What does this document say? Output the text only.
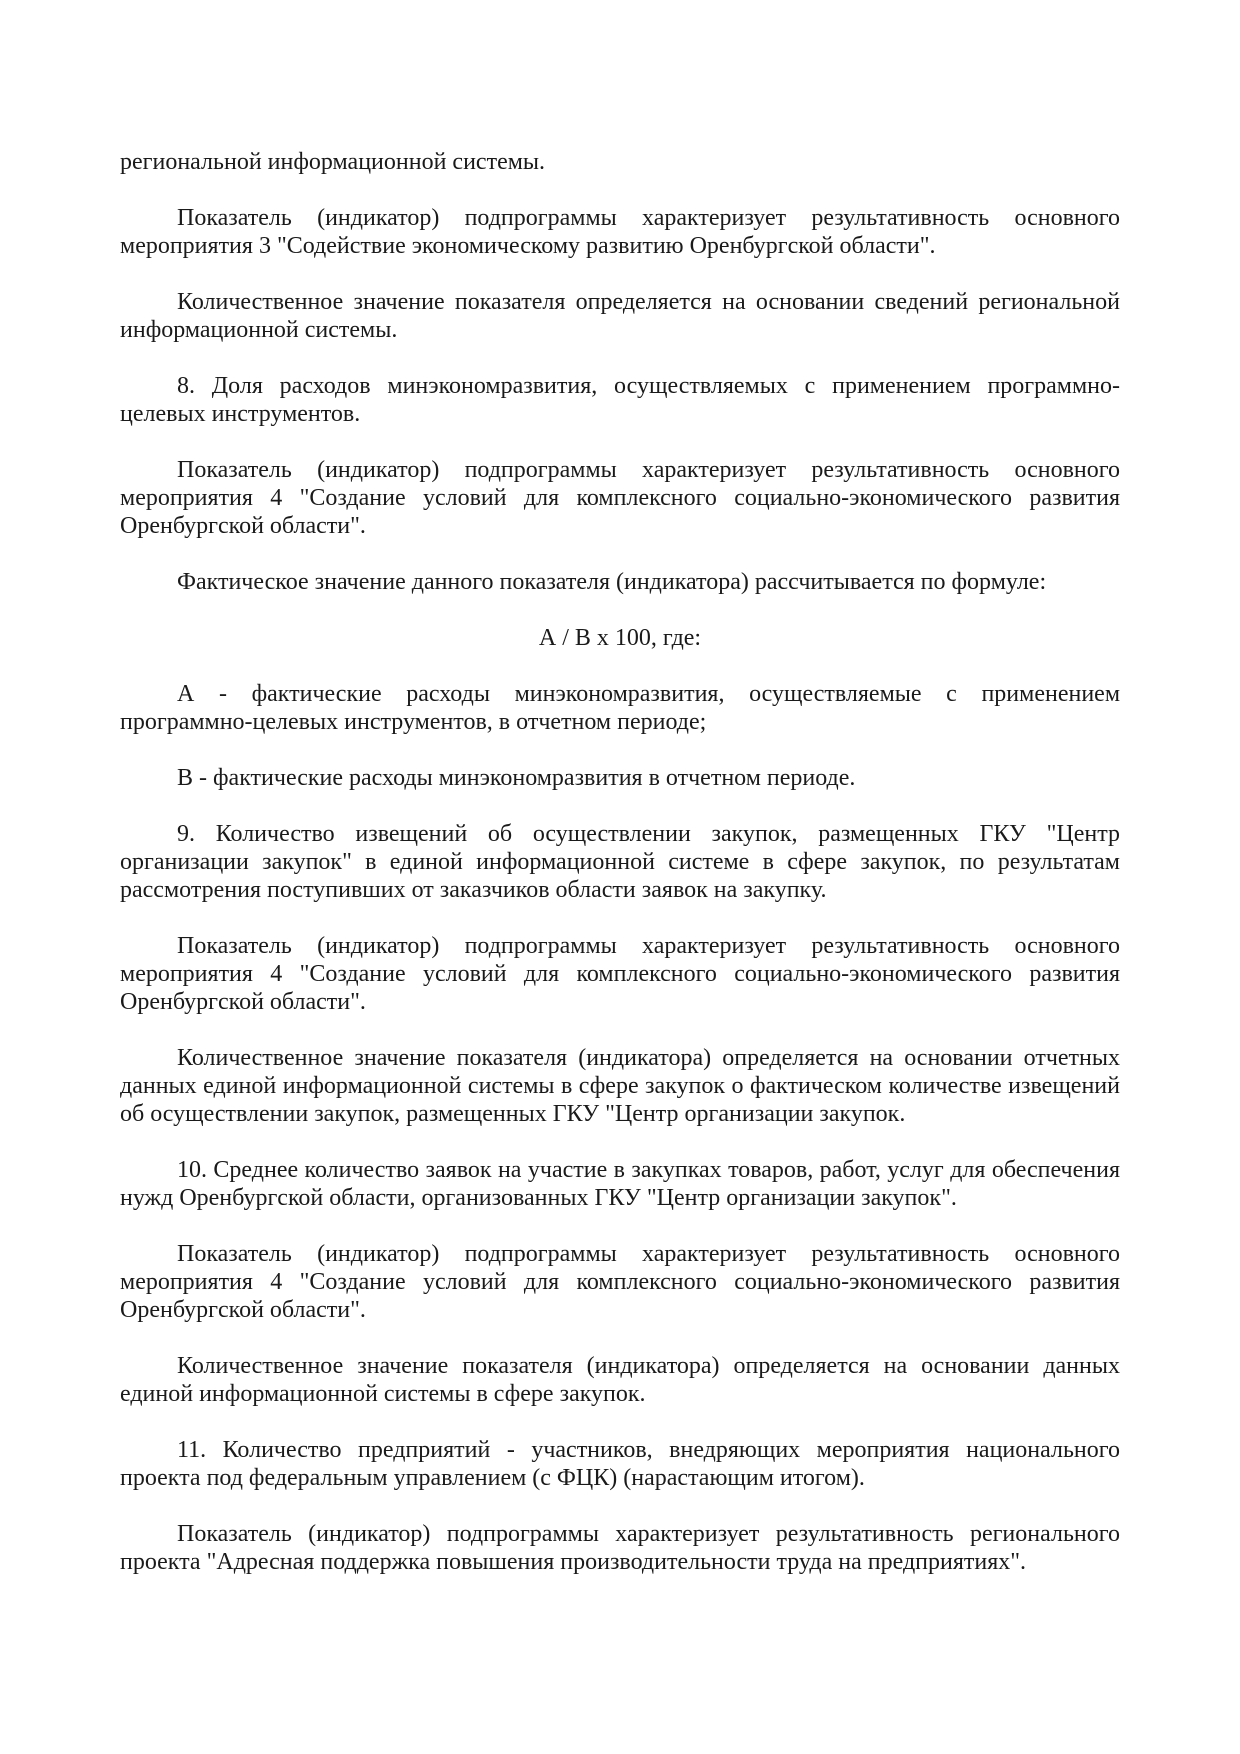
региональной информационной системы.

Показатель (индикатор) подпрограммы характеризует результативность основного мероприятия 3 "Содействие экономическому развитию Оренбургской области".

Количественное значение показателя определяется на основании сведений региональной информационной системы.

8. Доля расходов минэкономразвития, осуществляемых с применением программно-целевых инструментов.

Показатель (индикатор) подпрограммы характеризует результативность основного мероприятия 4 "Создание условий для комплексного социально-экономического развития Оренбургской области".

Фактическое значение данного показателя (индикатора) рассчитывается по формуле:

А / В х 100, где:

А - фактические расходы минэкономразвития, осуществляемые с применением программно-целевых инструментов, в отчетном периоде;

В - фактические расходы минэкономразвития в отчетном периоде.

9. Количество извещений об осуществлении закупок, размещенных ГКУ "Центр организации закупок" в единой информационной системе в сфере закупок, по результатам рассмотрения поступивших от заказчиков области заявок на закупку.

Показатель (индикатор) подпрограммы характеризует результативность основного мероприятия 4 "Создание условий для комплексного социально-экономического развития Оренбургской области".

Количественное значение показателя (индикатора) определяется на основании отчетных данных единой информационной системы в сфере закупок о фактическом количестве извещений об осуществлении закупок, размещенных ГКУ "Центр организации закупок.

10. Среднее количество заявок на участие в закупках товаров, работ, услуг для обеспечения нужд Оренбургской области, организованных ГКУ "Центр организации закупок".

Показатель (индикатор) подпрограммы характеризует результативность основного мероприятия 4 "Создание условий для комплексного социально-экономического развития Оренбургской области".

Количественное значение показателя (индикатора) определяется на основании данных единой информационной системы в сфере закупок.

11. Количество предприятий - участников, внедряющих мероприятия национального проекта под федеральным управлением (с ФЦК) (нарастающим итогом).

Показатель (индикатор) подпрограммы характеризует результативность регионального проекта "Адресная поддержка повышения производительности труда на предприятиях".
